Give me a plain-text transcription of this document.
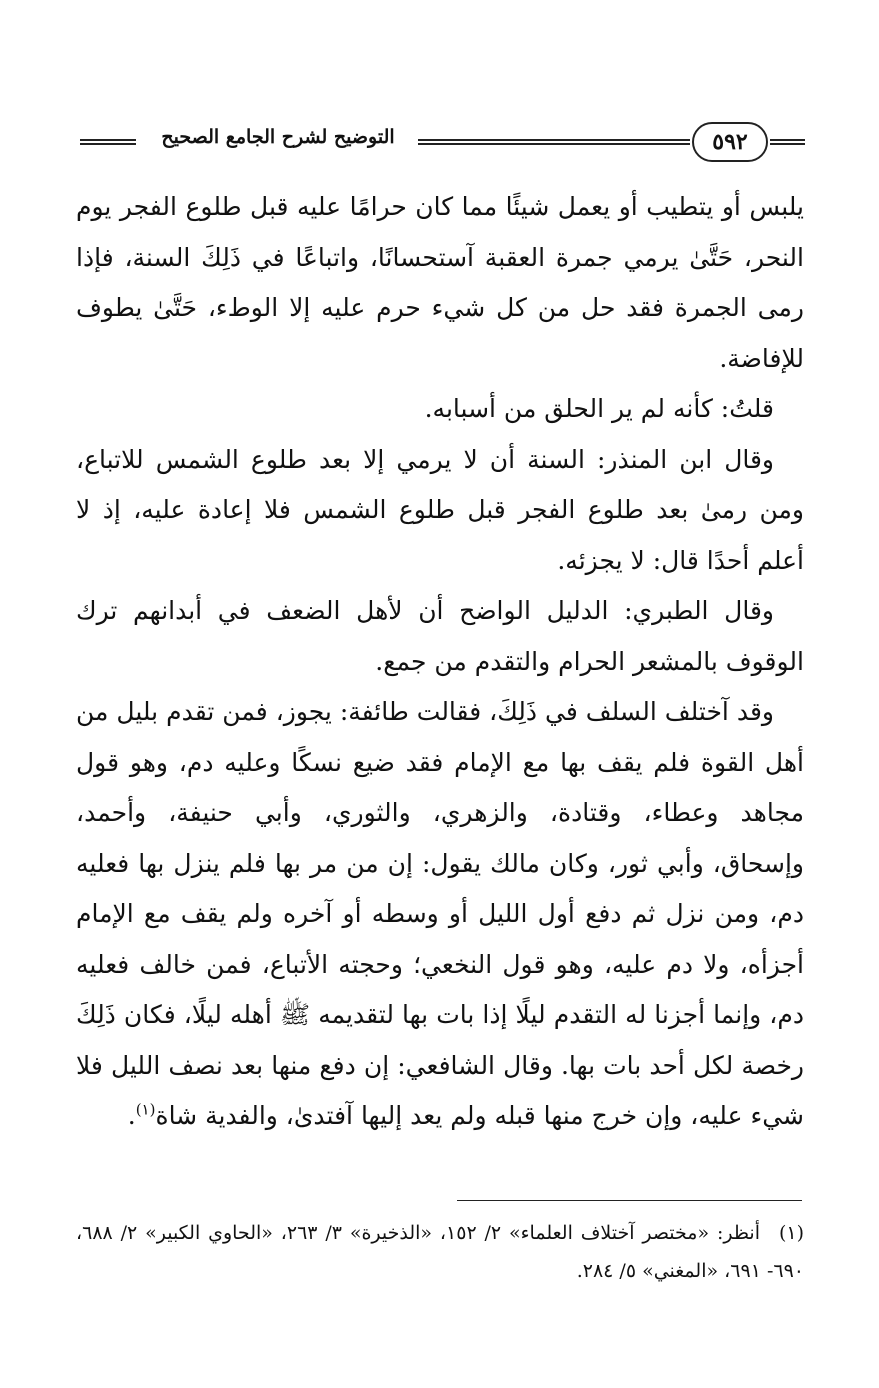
التوضيح لشرح الجامع الصحيح	٥٩٢

يلبس أو يتطيب أو يعمل شيئًا مما كان حرامًا عليه قبل طلوع الفجر يوم النحر، حَتَّىٰ يرمي جمرة العقبة آستحسانًا، واتباعًا في ذَلِكَ السنة، فإذا رمى الجمرة فقد حل من كل شيء حرم عليه إلا الوطء، حَتَّىٰ يطوف للإفاضة.

قلتُ: كأنه لم ير الحلق من أسبابه.

وقال ابن المنذر: السنة أن لا يرمي إلا بعد طلوع الشمس للاتباع، ومن رمىٰ بعد طلوع الفجر قبل طلوع الشمس فلا إعادة عليه، إذ لا أعلم أحدًا قال: لا يجزئه.

وقال الطبري: الدليل الواضح أن لأهل الضعف في أبدانهم ترك الوقوف بالمشعر الحرام والتقدم من جمع.

وقد آختلف السلف في ذَلِكَ، فقالت طائفة: يجوز، فمن تقدم بليل من أهل القوة فلم يقف بها مع الإمام فقد ضيع نسكًا وعليه دم، وهو قول مجاهد وعطاء، وقتادة، والزهري، والثوري، وأبي حنيفة، وأحمد، وإسحاق، وأبي ثور، وكان مالك يقول: إن من مر بها فلم ينزل بها فعليه دم، ومن نزل ثم دفع أول الليل أو وسطه أو آخره ولم يقف مع الإمام أجزأه، ولا دم عليه، وهو قول النخعي؛ وحجته الأتباع، فمن خالف فعليه دم، وإنما أجزنا له التقدم ليلًا إذا بات بها لتقديمه ﷺ أهله ليلًا، فكان ذَلِكَ رخصة لكل أحد بات بها. وقال الشافعي: إن دفع منها بعد نصف الليل فلا شيء عليه، وإن خرج منها قبله ولم يعد إليها آفتدىٰ، والفدية شاة$^{(١)}$.

(١)أنظر: «مختصر آختلاف العلماء» ٢/ ١٥٢، «الذخيرة» ٣/ ٢٦٣، «الحاوي الكبير» ٢/ ٦٨٨، ٦٩٠- ٦٩١، «المغني» ٥/ ٢٨٤.
